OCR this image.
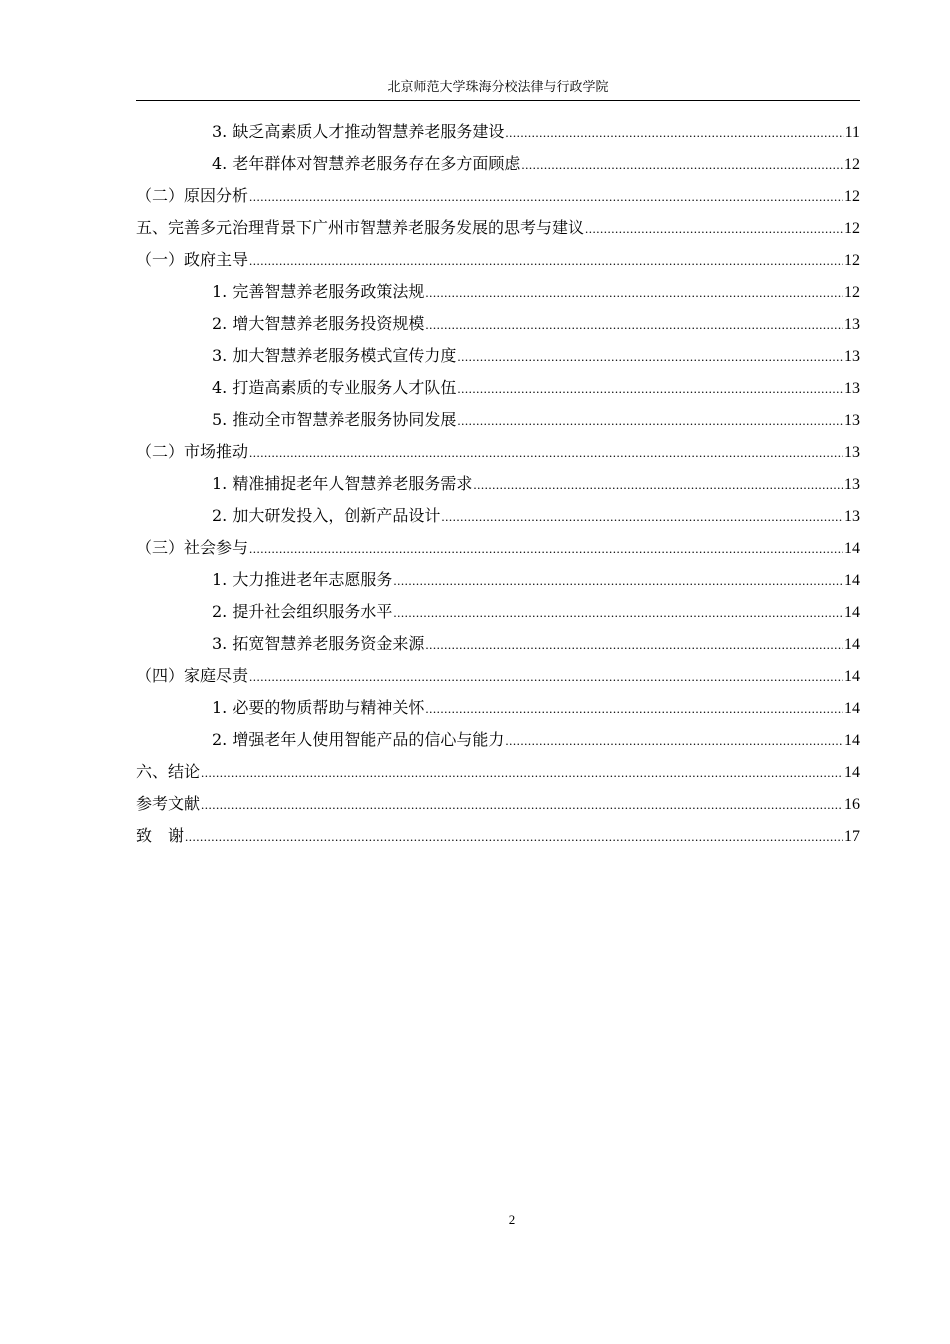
北京师范大学珠海分校法律与行政学院
3. 缺乏高素质人才推动智慧养老服务建设 .....	11
4. 老年群体对智慧养老服务存在多方面顾虑 .....	12
（二）原因分析 .....	12
五、完善多元治理背景下广州市智慧养老服务发展的思考与建议 .....	12
（一）政府主导 .....	12
1. 完善智慧养老服务政策法规 .....	12
2. 增大智慧养老服务投资规模 .....	13
3. 加大智慧养老服务模式宣传力度 .....	13
4. 打造高素质的专业服务人才队伍 .....	13
5. 推动全市智慧养老服务协同发展 .....	13
（二）市场推动 .....	13
1. 精准捕捉老年人智慧养老服务需求 .....	13
2. 加大研发投入，创新产品设计 .....	13
（三）社会参与 .....	14
1. 大力推进老年志愿服务 .....	14
2. 提升社会组织服务水平 .....	14
3. 拓宽智慧养老服务资金来源 .....	14
（四）家庭尽责 .....	14
1. 必要的物质帮助与精神关怀 .....	14
2. 增强老年人使用智能产品的信心与能力 .....	14
六、结论 .....	14
参考文献 .....	16
致　谢 .....	17
2
